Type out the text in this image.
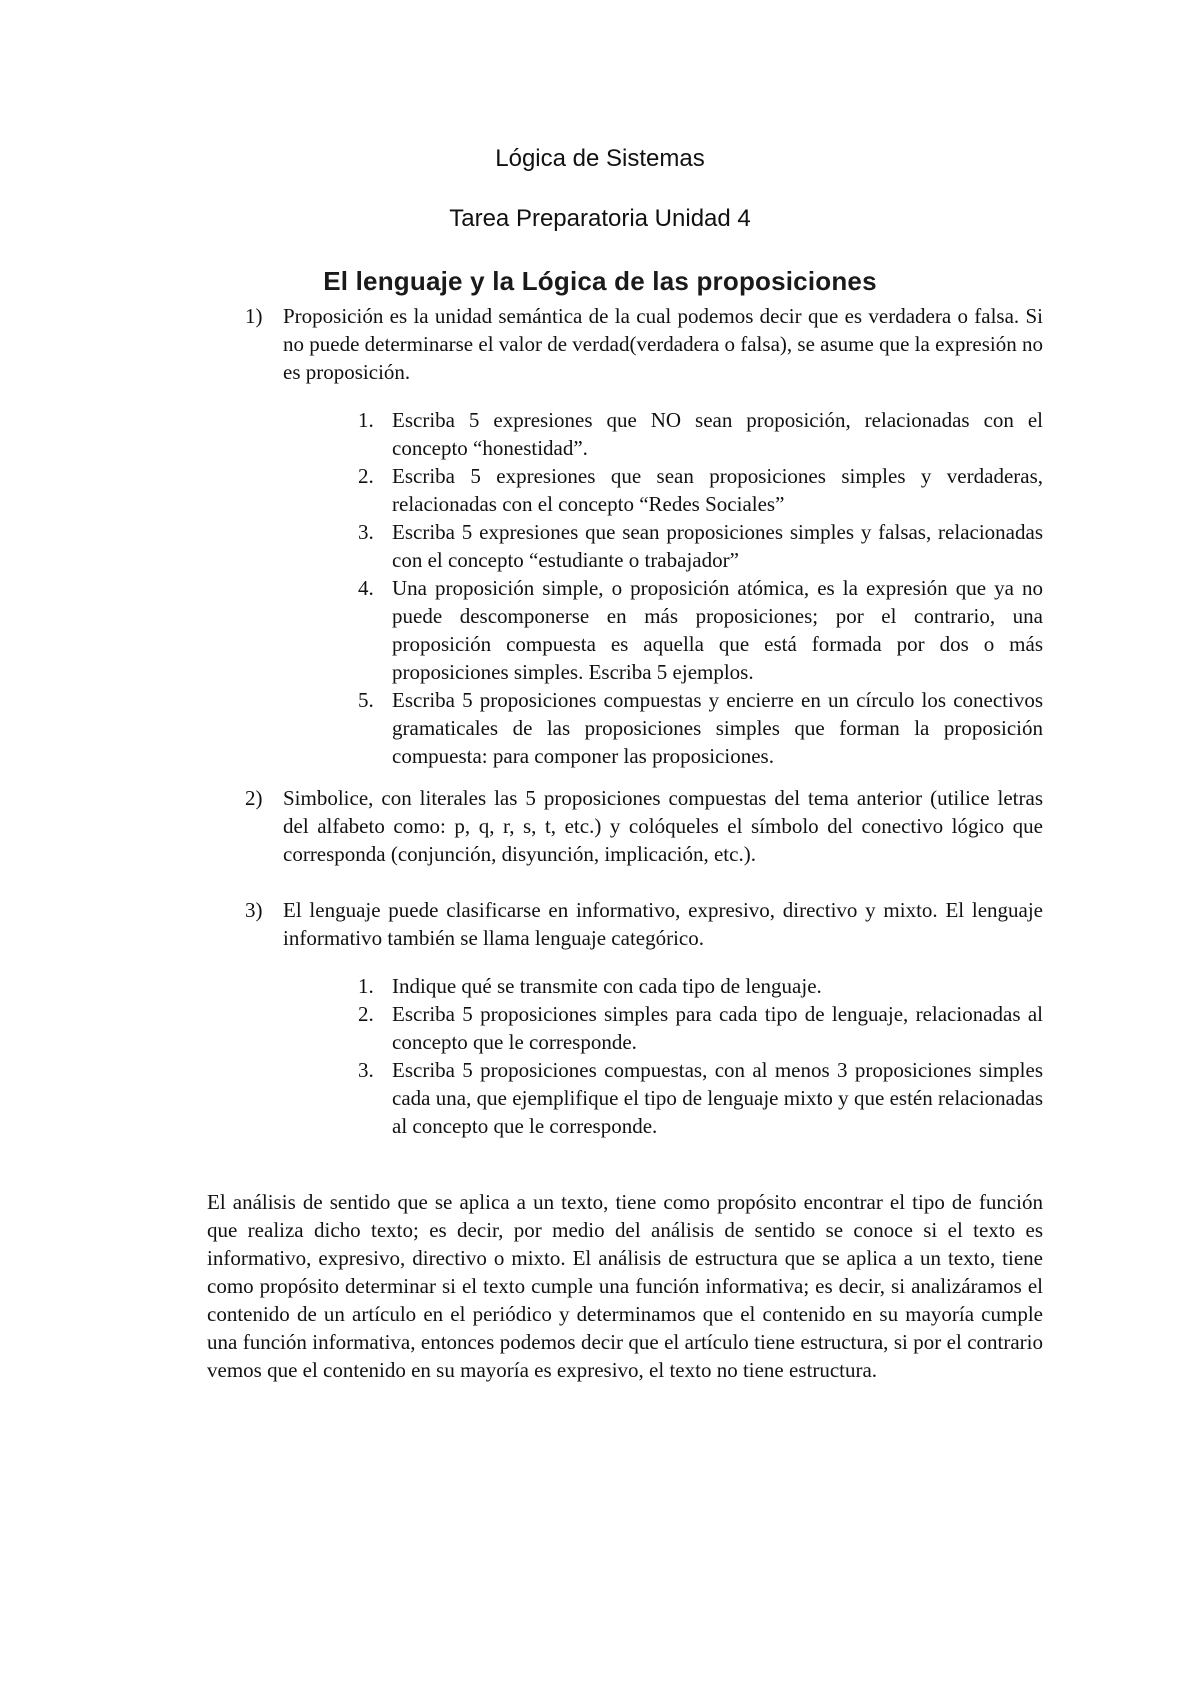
Lógica de Sistemas
Tarea Preparatoria Unidad 4
El lenguaje y la Lógica de las proposiciones
1) Proposición es la unidad semántica de la cual podemos decir que es verdadera o falsa. Si no puede determinarse el valor de verdad(verdadera o falsa), se asume que la expresión no es proposición.

1. Escriba 5 expresiones que NO sean proposición, relacionadas con el concepto “honestidad”.

2. Escriba 5 expresiones que sean proposiciones simples y verdaderas, relacionadas con el concepto “Redes Sociales”

3. Escriba 5 expresiones que sean proposiciones simples y falsas, relacionadas con el concepto “estudiante o trabajador”

4. Una proposición simple, o proposición atómica, es la expresión que ya no puede descomponerse en más proposiciones; por el contrario, una proposición compuesta es aquella que está formada por dos o más proposiciones simples. Escriba 5 ejemplos.

5. Escriba 5 proposiciones compuestas y encierre en un círculo los conectivos gramaticales de las proposiciones simples que forman la proposición compuesta: para componer las proposiciones.

2) Simbolice, con literales las 5 proposiciones compuestas del tema anterior (utilice letras del alfabeto como: p, q, r, s, t, etc.) y colóqueles el símbolo del conectivo lógico que corresponda (conjunción, disyunción, implicación, etc.).

3) El lenguaje puede clasificarse en informativo, expresivo, directivo y mixto. El lenguaje informativo también se llama lenguaje categórico.

1. Indique qué se transmite con cada tipo de lenguaje.

2. Escriba 5 proposiciones simples para cada tipo de lenguaje, relacionadas al concepto que le corresponde.

3. Escriba 5 proposiciones compuestas, con al menos 3 proposiciones simples cada una, que ejemplifique el tipo de lenguaje mixto y que estén relacionadas al concepto que le corresponde.

El análisis de sentido que se aplica a un texto, tiene como propósito encontrar el tipo de función que realiza dicho texto; es decir, por medio del análisis de sentido se conoce si el texto es informativo, expresivo, directivo o mixto. El análisis de estructura que se aplica a un texto, tiene como propósito determinar si el texto cumple una función informativa; es decir, si analizáramos el contenido de un artículo en el periódico y determinamos que el contenido en su mayoría cumple una función informativa, entonces podemos decir que el artículo tiene estructura, si por el contrario vemos que el contenido en su mayoría es expresivo, el texto no tiene estructura.
